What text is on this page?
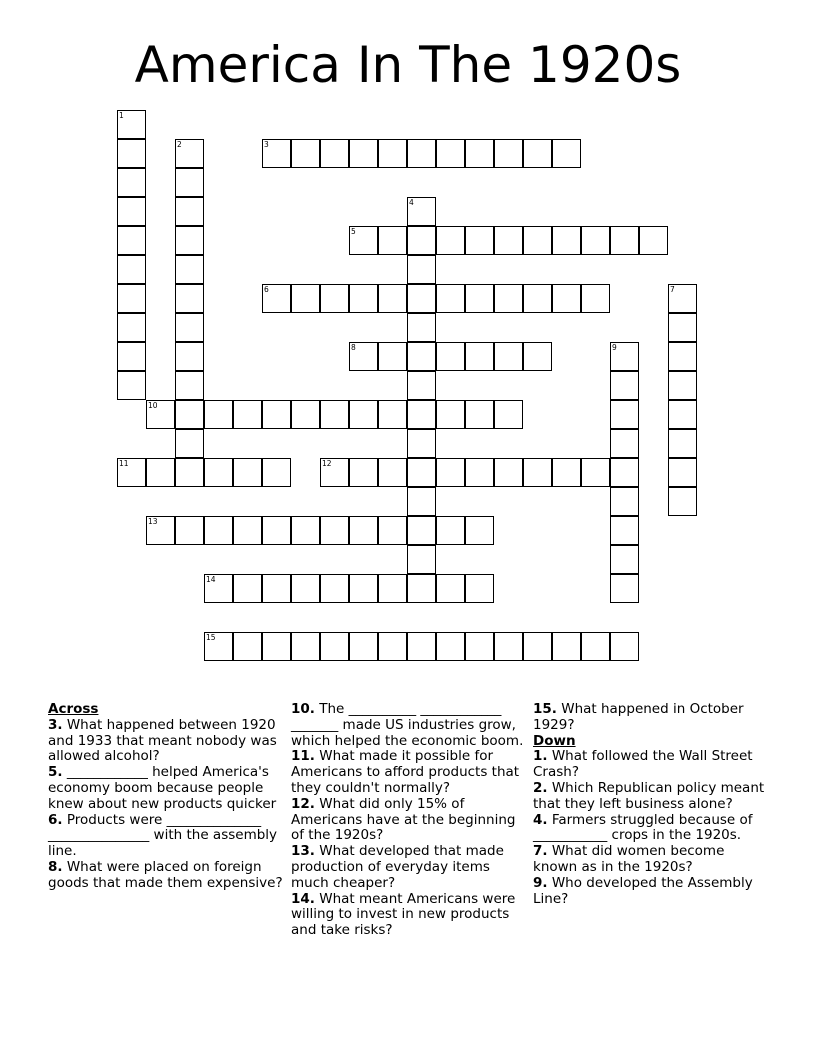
America In The 1920s
1
2	3
4
5
6	7
8	9
10
11	12
13
14
15
Across
3. What happened between 1920 and 1933 that meant nobody was allowed alcohol?
5. ____________ helped America's economy boom because people knew about new products quicker
6. Products were ______________ _______________ with the assembly line.
8. What were placed on foreign goods that made them expensive?
10. The __________ ____________ _______ made US industries grow, which helped the economic boom.
11. What made it possible for Americans to afford products that they couldn't normally?
12. What did only 15% of Americans have at the beginning of the 1920s?
13. What developed that made production of everyday items much cheaper?
14. What meant Americans were willing to invest in new products and take risks?
15. What happened in October 1929?
Down
1. What followed the Wall Street Crash?
2. Which Republican policy meant that they left business alone?
4. Farmers struggled because of ___________ crops in the 1920s.
7. What did women become known as in the 1920s?
9. Who developed the Assembly Line?
